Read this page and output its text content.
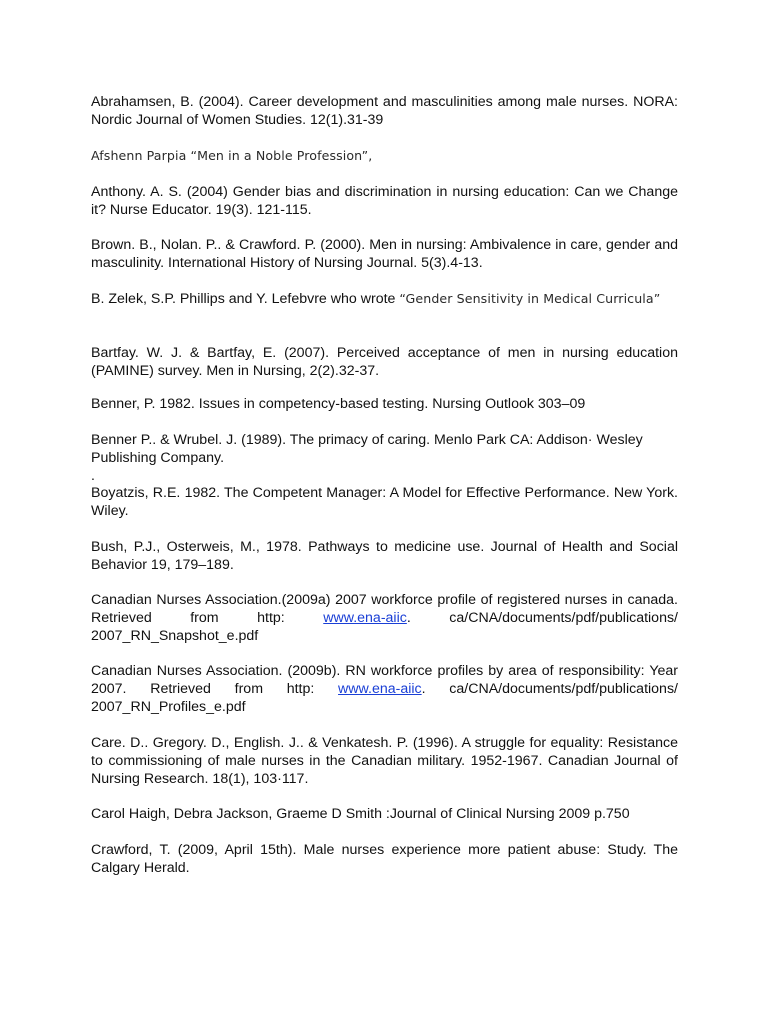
Abrahamsen, B. (2004). Career development and masculinities among male nurses. NORA: Nordic Journal of Women Studies. 12(1).31-39

Afshenn Parpia “Men in a Noble Profession”,

Anthony. A. S. (2004) Gender bias and discrimination in nursing education: Can we Change it? Nurse Educator. 19(3). 121-115.

Brown. B., Nolan. P.. & Crawford. P. (2000). Men in nursing: Ambivalence in care, gender and masculinity. International History of Nursing Journal. 5(3).4-13.

B. Zelek, S.P. Phillips and Y. Lefebvre who wrote “Gender Sensitivity in Medical Curricula”

Bartfay. W. J. & Bartfay, E. (2007). Perceived acceptance of men in nursing education (PAMINE) survey. Men in Nursing, 2(2).32-37.

Benner, P. 1982. Issues in competency-based testing. Nursing Outlook 303–09

Benner P.. & Wrubel. J. (1989). The primacy of caring. Menlo Park CA: Addison· Wesley Publishing Company.

.

Boyatzis, R.E. 1982. The Competent Manager: A Model for Effective Performance. New York. Wiley.

Bush, P.J., Osterweis, M., 1978. Pathways to medicine use. Journal of Health and Social Behavior 19, 179–189.

Canadian Nurses Association.(2009a) 2007 workforce profile of registered nurses in canada. Retrieved from http: www.ena-aiic. ca/CNA/documents/pdf/publications/ 2007_RN_Snapshot_e.pdf

Canadian Nurses Association. (2009b). RN workforce profiles by area of responsibility: Year 2007. Retrieved from http: www.ena-aiic. ca/CNA/documents/pdf/publications/ 2007_RN_Profiles_e.pdf

Care. D.. Gregory. D., English. J.. & Venkatesh. P. (1996). A struggle for equality: Resistance to commissioning of male nurses in the Canadian military. 1952-1967. Canadian Journal of Nursing Research. 18(1), 103·117.

Carol Haigh, Debra Jackson, Graeme D Smith :Journal of Clinical Nursing 2009 p.750

Crawford, T. (2009, April 15th). Male nurses experience more patient abuse: Study. The Calgary Herald.
